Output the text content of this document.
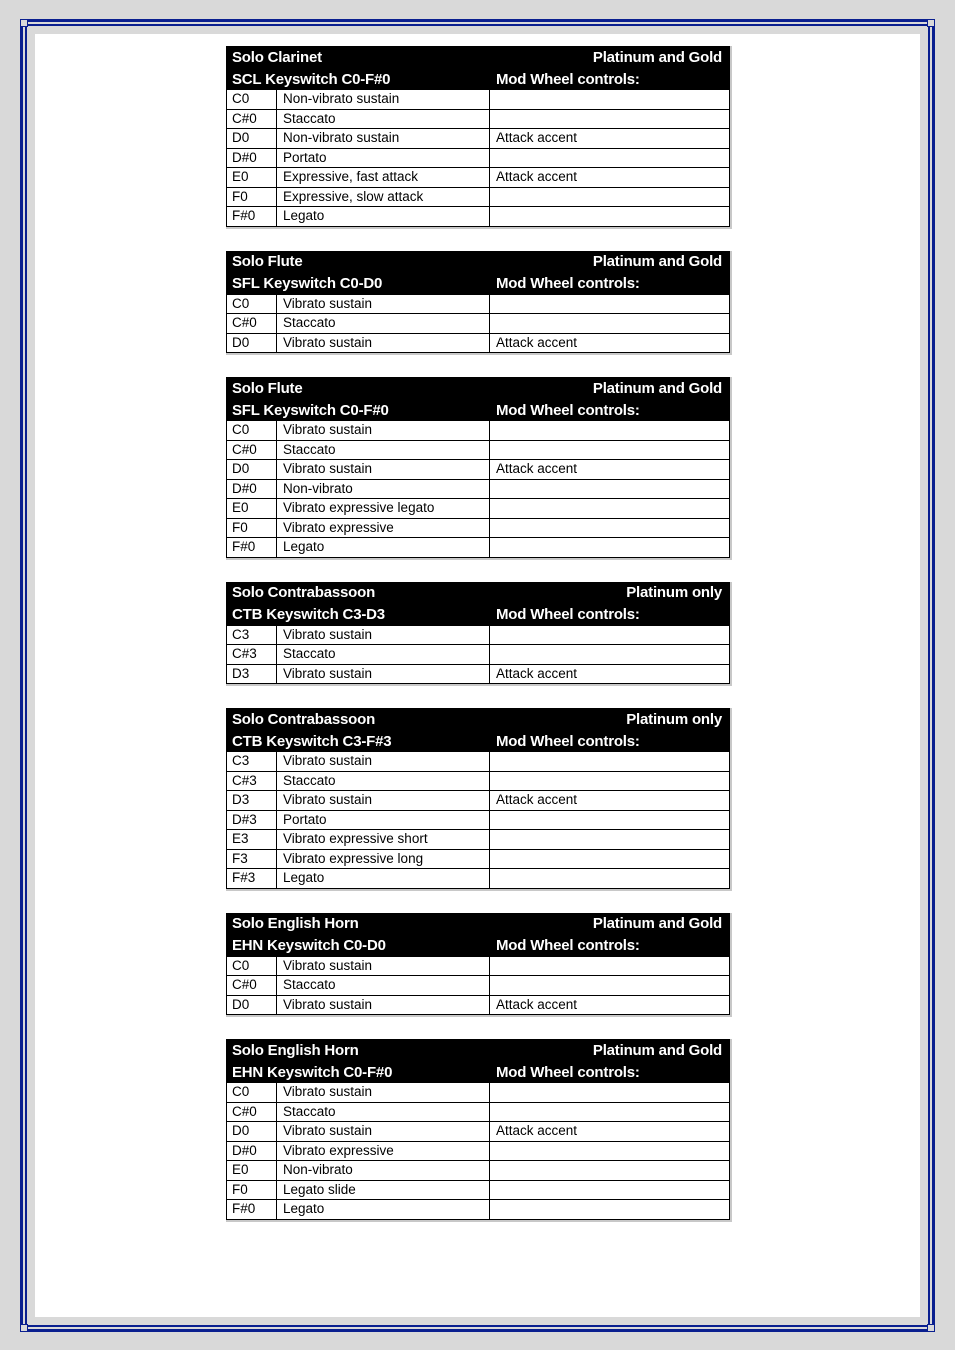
Solo Clarinet	Platinum and Gold
SCL Keyswitch C0-F#0	Mod Wheel controls:
C0	Non-vibrato sustain
C#0	Staccato
D0	Non-vibrato sustain	Attack accent
D#0	Portato
E0	Expressive, fast attack	Attack accent
F0	Expressive, slow attack
F#0	Legato
Solo Flute	Platinum and Gold
SFL Keyswitch C0-D0	Mod Wheel controls:
C0	Vibrato sustain
C#0	Staccato
D0	Vibrato sustain	Attack accent
Solo Flute	Platinum and Gold
SFL Keyswitch C0-F#0	Mod Wheel controls:
C0	Vibrato sustain
C#0	Staccato
D0	Vibrato sustain	Attack accent
D#0	Non-vibrato
E0	Vibrato expressive legato
F0	Vibrato expressive
F#0	Legato
Solo Contrabassoon	Platinum only
CTB Keyswitch C3-D3	Mod Wheel controls:
C3	Vibrato sustain
C#3	Staccato
D3	Vibrato sustain	Attack accent
Solo Contrabassoon	Platinum only
CTB Keyswitch C3-F#3	Mod Wheel controls:
C3	Vibrato sustain
C#3	Staccato
D3	Vibrato sustain	Attack accent
D#3	Portato
E3	Vibrato expressive short
F3	Vibrato expressive long
F#3	Legato
Solo English Horn	Platinum and Gold
EHN Keyswitch C0-D0	Mod Wheel controls:
C0	Vibrato sustain
C#0	Staccato
D0	Vibrato sustain	Attack accent
Solo English Horn	Platinum and Gold
EHN Keyswitch C0-F#0	Mod Wheel controls:
C0	Vibrato sustain
C#0	Staccato
D0	Vibrato sustain	Attack accent
D#0	Vibrato expressive
E0	Non-vibrato
F0	Legato slide
F#0	Legato
